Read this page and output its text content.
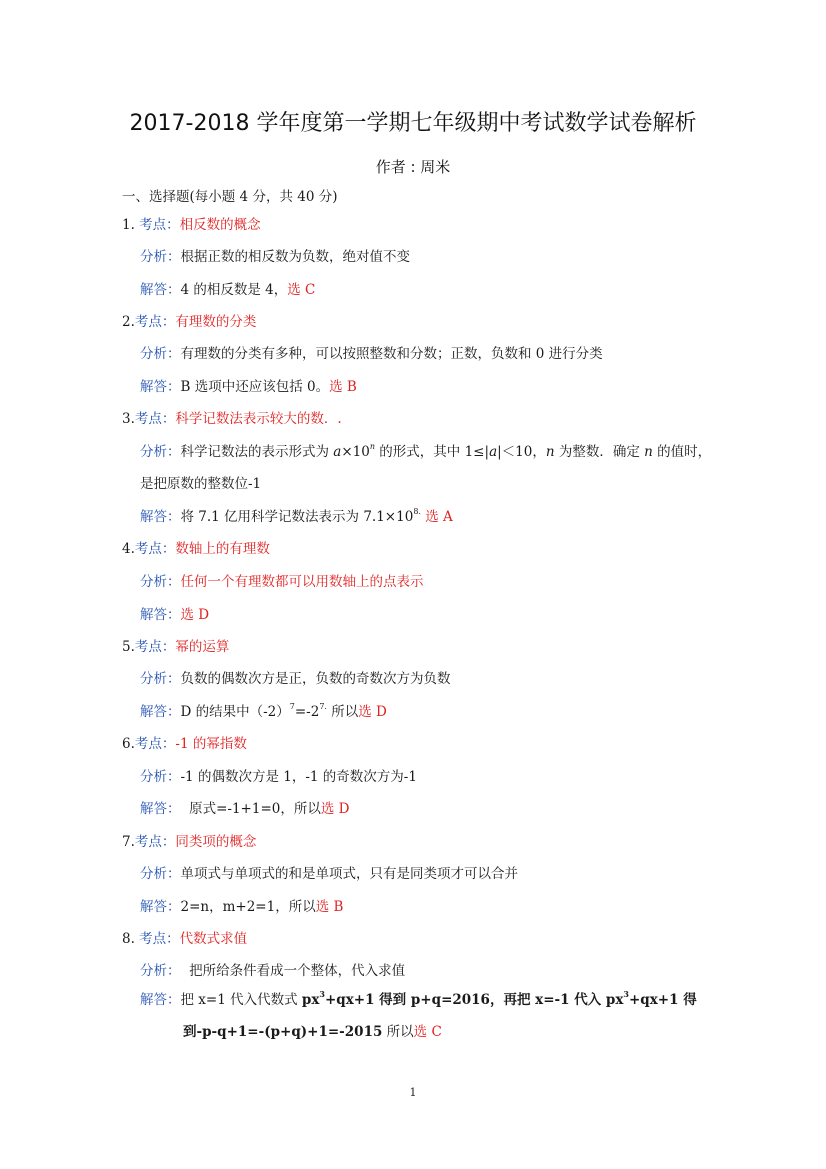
2017-2018 学年度第一学期七年级期中考试数学试卷解析
作者 : 周米
一、选择题(每小题 4 分，共 40 分)
1. 考点：相反数的概念
分析：根据正数的相反数为负数，绝对值不变
解答：4 的相反数是 4，选 C
2.考点：有理数的分类
分析：有理数的分类有多种，可以按照整数和分数；正数，负数和 0 进行分类
解答：B 选项中还应该包括 0。选 B
3.考点：科学记数法表示较大的数．.
分析：科学记数法的表示形式为 $a\times 10^n$ 的形式，其中 1≤|a|＜10，n 为整数．确定 n 的值时，
是把原数的整数位-1
解答：将 7.1 亿用科学记数法表示为 $7.1\times 10^{8.}$ 选 A
4.考点：数轴上的有理数
分析：任何一个有理数都可以用数轴上的点表示
解答：选 D
5.考点：幂的运算
分析：负数的偶数次方是正，负数的奇数次方为负数
解答：D 的结果中$(-2)^7=-2^{7.}$ 所以选 D
6.考点：-1 的幂指数
分析：-1 的偶数次方是 1，-1 的奇数次方为-1
解答：  原式=-1+1=0，所以选 D
7.考点：同类项的概念
分析：单项式与单项式的和是单项式，只有是同类项才可以合并
解答：2=n，m+2=1，所以选 B
8. 考点：代数式求值
分析：  把所给条件看成一个整体，代入求值
解答：把 x=1 代入代数式 $px^3+qx+1$ 得到 p+q=2016，再把 x=-1 代入 $px^3+qx+1$ 得
到-p-q+1=-(p+q)+1=-2015 所以选 C
1
